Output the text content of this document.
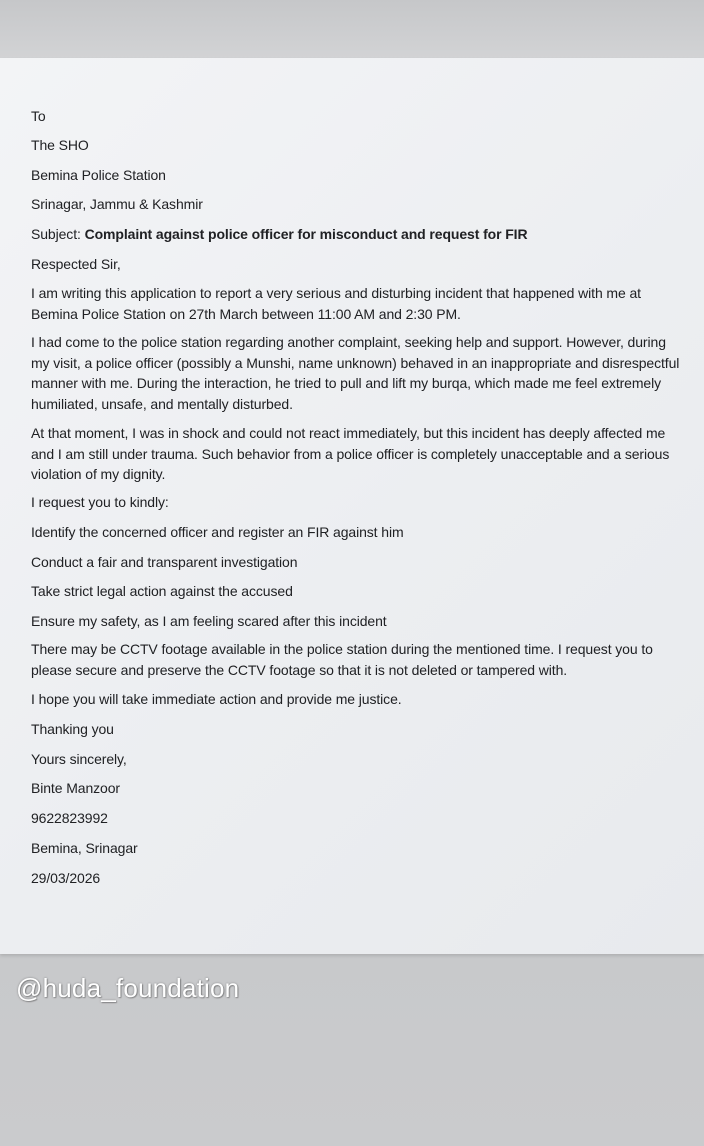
To
The SHO
Bemina Police Station
Srinagar, Jammu & Kashmir
Subject: Complaint against police officer for misconduct and request for FIR
Respected Sir,
I am writing this application to report a very serious and disturbing incident that happened with me at Bemina Police Station on 27th March between 11:00 AM and 2:30 PM.
I had come to the police station regarding another complaint, seeking help and support. However, during my visit, a police officer (possibly a Munshi, name unknown) behaved in an inappropriate and disrespectful manner with me. During the interaction, he tried to pull and lift my burqa, which made me feel extremely humiliated, unsafe, and mentally disturbed.
At that moment, I was in shock and could not react immediately, but this incident has deeply affected me and I am still under trauma. Such behavior from a police officer is completely unacceptable and a serious violation of my dignity.
I request you to kindly:
Identify the concerned officer and register an FIR against him
Conduct a fair and transparent investigation
Take strict legal action against the accused
Ensure my safety, as I am feeling scared after this incident
There may be CCTV footage available in the police station during the mentioned time. I request you to please secure and preserve the CCTV footage so that it is not deleted or tampered with.
I hope you will take immediate action and provide me justice.
Thanking you
Yours sincerely,
Binte Manzoor
9622823992
Bemina, Srinagar
29/03/2026
@huda_foundation
